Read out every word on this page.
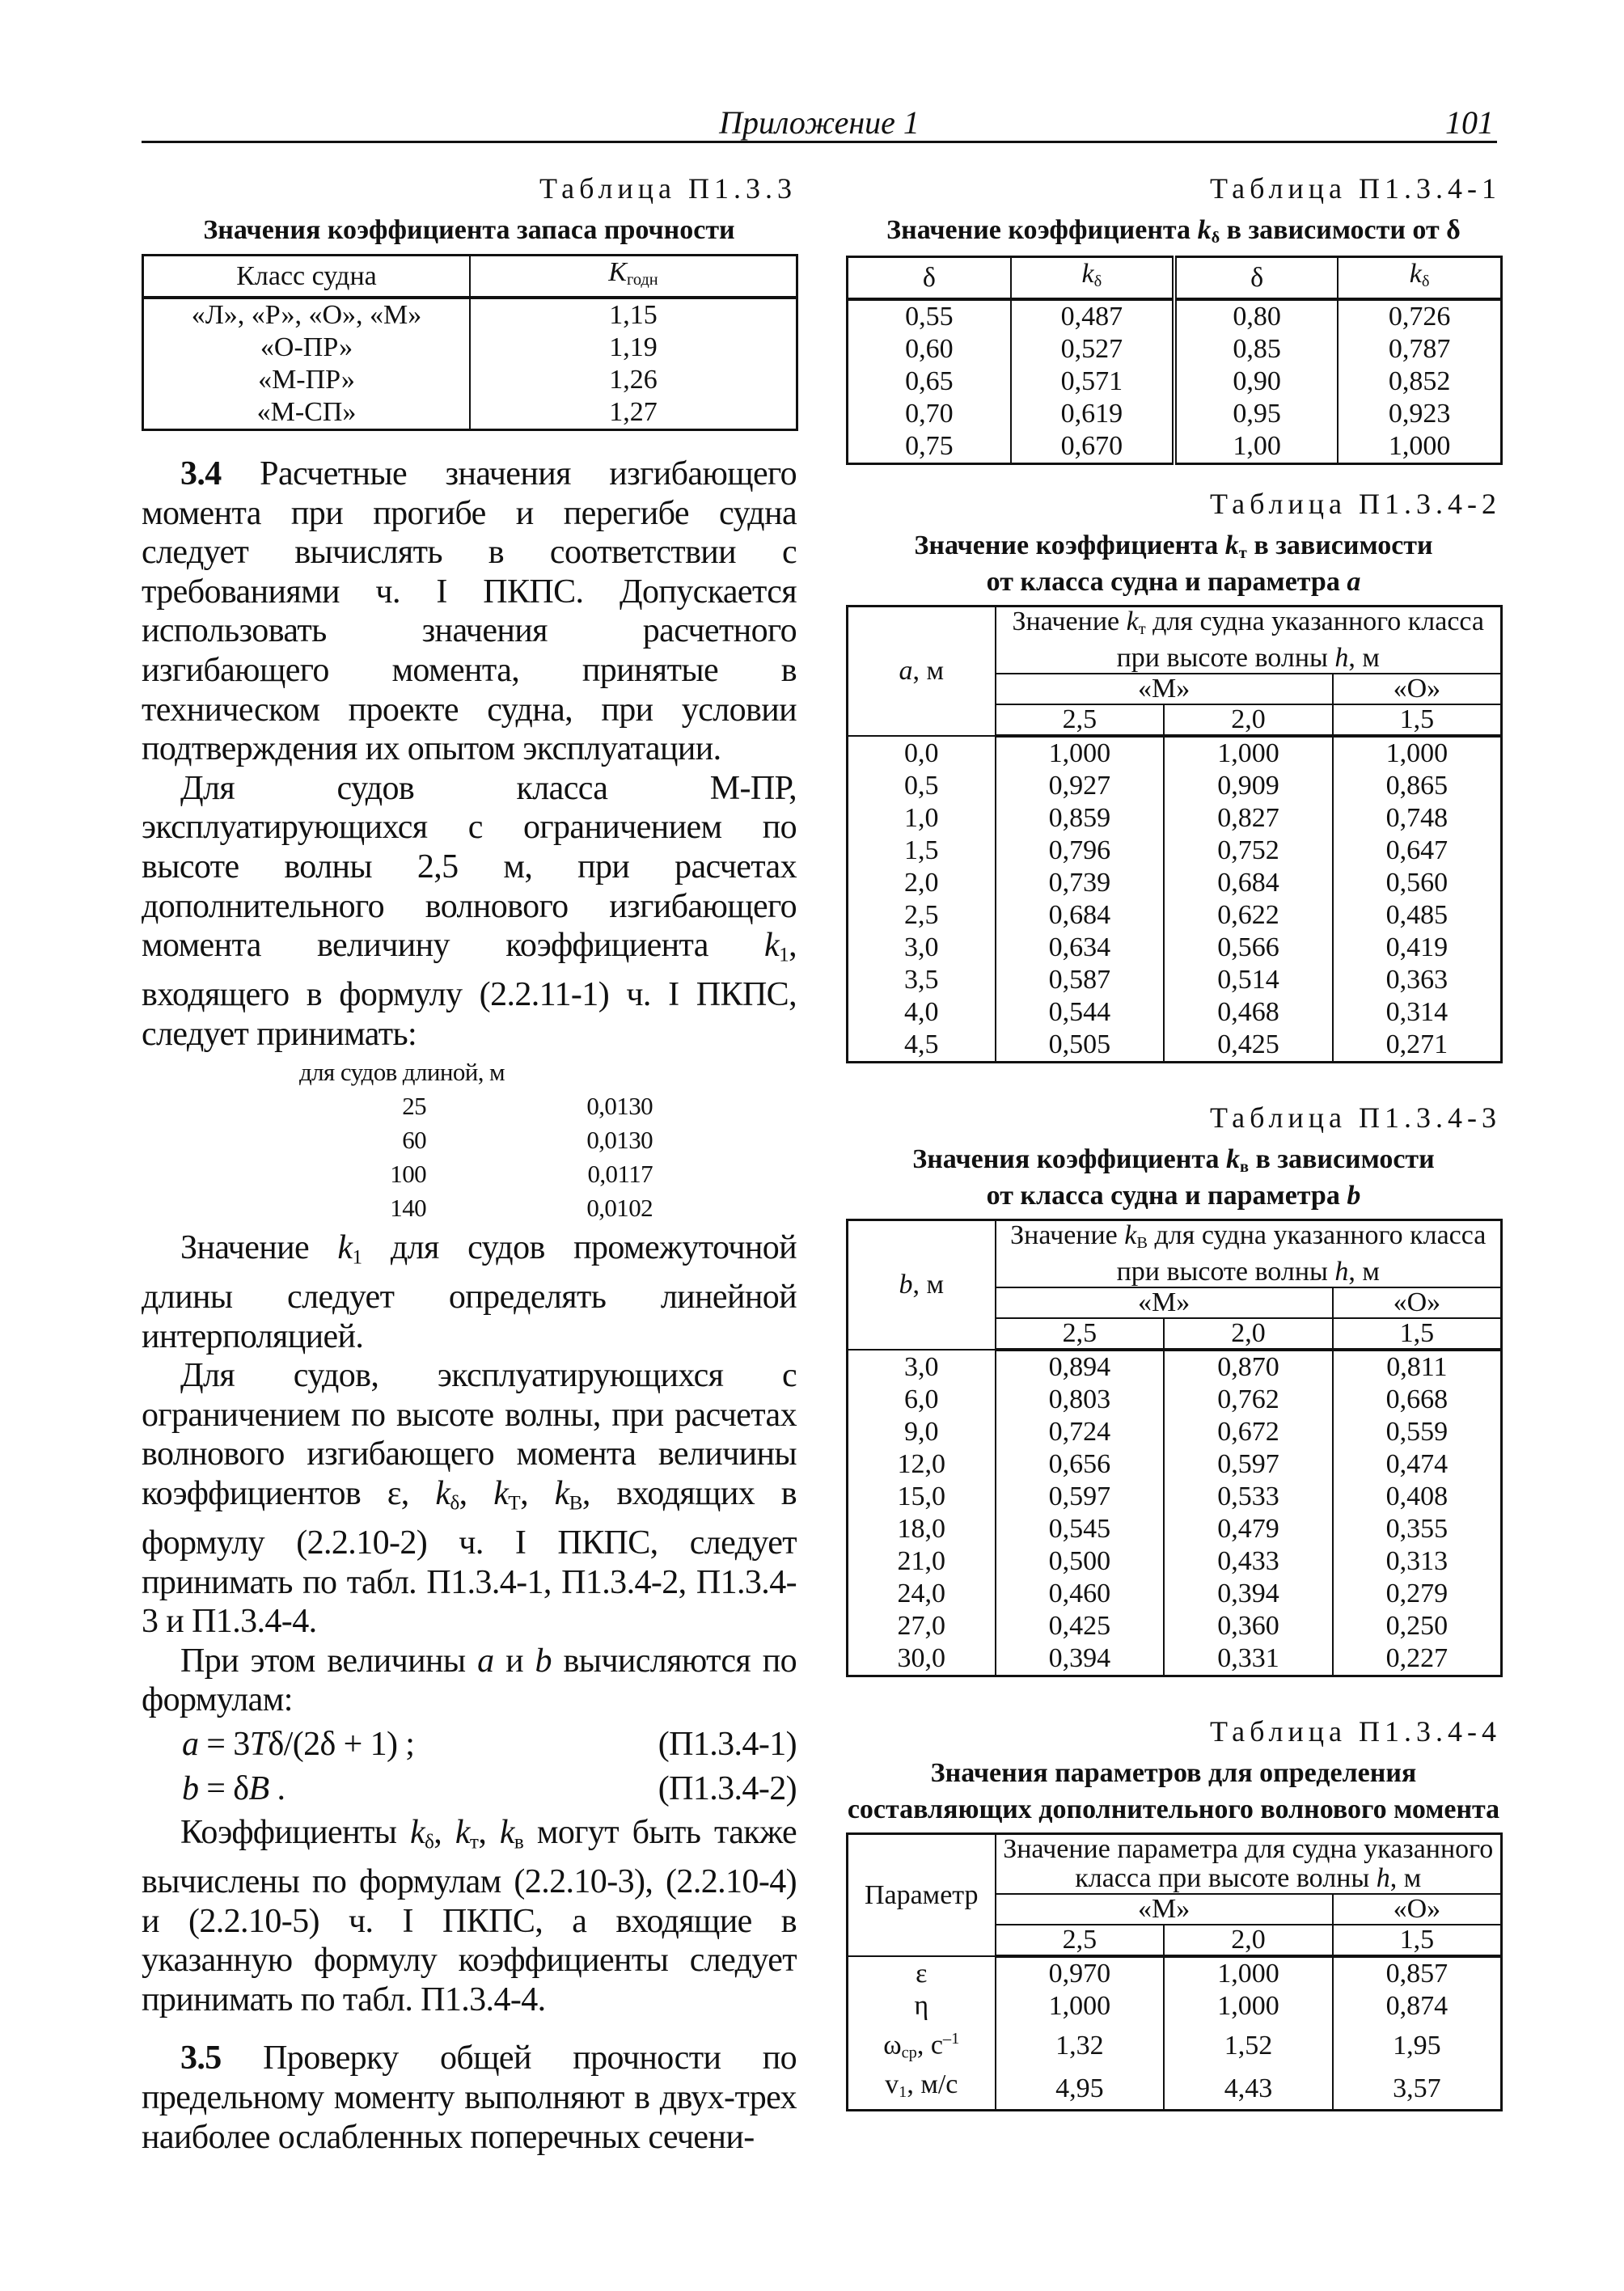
Приложение 1	101
Таблица П1.3.3
Значения коэффициента запаса прочности
Класс судна	$K_{годн}$
«Л», «Р», «О», «М»	1,15
«О-ПР»	1,19
«М-ПР»	1,26
«М-СП»	1,27

3.4 Расчетные значения изгибающего момента при прогибе и перегибе судна следует вычислять в соответствии с требованиями ч. I ПКПС. Допускается использовать значения расчетного изгибающего момента, принятые в техническом проекте судна, при условии подтверждения их опытом эксплуатации.

Для судов класса М-ПР, эксплуатирующихся с ограничением по высоте волны 2,5 м, при расчетах дополнительного волнового изгибающего момента величину коэффициента $k_1$, входящего в формулу (2.2.11-1) ч. I ПКПС, следует принимать:

для судов длиной, м
25	0,0130
60	0,0130
100	0,0117
140	0,0102

Значение $k_1$ для судов промежуточной длины следует определять линейной интерполяцией.

Для судов, эксплуатирующихся с ограничением по высоте волны, при расчетах волнового изгибающего момента величины коэффициентов ε, $k_\delta$, $k_Т$, $k_В$, входящих в формулу (2.2.10-2) ч. I ПКПС, следует принимать по табл. П1.3.4-1, П1.3.4-2, П1.3.4-3 и П1.3.4-4.

При этом величины a и b вычисляются по формулам:

a = 3Tδ/(2δ + 1) ;	(П1.3.4-1)
b = δB .	(П1.3.4-2)

Коэффициенты $k_\delta$, $k_т$, $k_в$ могут быть также вычислены по формулам (2.2.10-3), (2.2.10-4) и (2.2.10-5) ч. I ПКПС, а входящие в указанную формулу коэффициенты следует принимать по табл. П1.3.4-4.

3.5 Проверку общей прочности по предельному моменту выполняют в двух-трех наиболее ослабленных поперечных сечени-

Таблица П1.3.4-1
Значение коэффициента $k_\delta$ в зависимости от δ
δ	$k_\delta$	δ	$k_\delta$
0,55	0,487	0,80	0,726
0,60	0,527	0,85	0,787
0,65	0,571	0,90	0,852
0,70	0,619	0,95	0,923
0,75	0,670	1,00	1,000
Таблица П1.3.4-2
Значение коэффициента $k_т$ в зависимости
от класса судна и параметра a
a, м	Значение $k_т$ для судна указанного класса при высоте волны h, м		
	«М»		«О»
	2,5	2,0	1,5
0,0	1,000	1,000	1,000
0,5	0,927	0,909	0,865
1,0	0,859	0,827	0,748
1,5	0,796	0,752	0,647
2,0	0,739	0,684	0,560
2,5	0,684	0,622	0,485
3,0	0,634	0,566	0,419
3,5	0,587	0,514	0,363
4,0	0,544	0,468	0,314
4,5	0,505	0,425	0,271
Таблица П1.3.4-3
Значения коэффициента $k_в$ в зависимости
от класса судна и параметра b
b, м	Значение $k_В$ для судна указанного класса при высоте волны h, м		
	«М»		«О»
	2,5	2,0	1,5
3,0	0,894	0,870	0,811
6,0	0,803	0,762	0,668
9,0	0,724	0,672	0,559
12,0	0,656	0,597	0,474
15,0	0,597	0,533	0,408
18,0	0,545	0,479	0,355
21,0	0,500	0,433	0,313
24,0	0,460	0,394	0,279
27,0	0,425	0,360	0,250
30,0	0,394	0,331	0,227
Таблица П1.3.4-4
Значения параметров для определения
составляющих дополнительного волнового момента
Параметр	Значение параметра для судна указанного класса при высоте волны h, м		
	«М»		«О»
	2,5	2,0	1,5
ε	0,970	1,000	0,857
η	1,000	1,000	0,874
$\omega_{ср}$, $с^{-1}$	1,32	1,52	1,95
$v_1$, м/с	4,95	4,43	3,57
